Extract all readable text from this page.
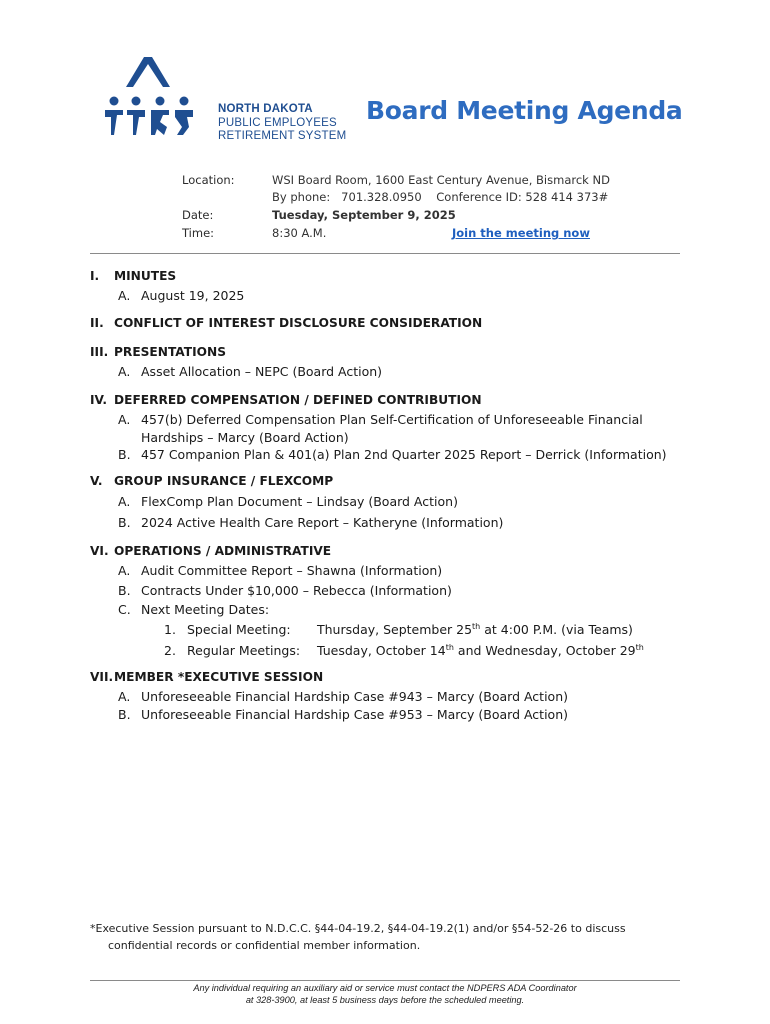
NORTH DAKOTA
PUBLIC EMPLOYEES
RETIREMENT SYSTEM
Board Meeting Agenda
Location:	WSI Board Room, 1600 East Century Avenue, Bismarck ND
By phone:   701.328.0950    Conference ID: 528 414 373#
Date:	Tuesday, September 9, 2025
Time:	8:30 A.M.	Join the meeting now
I. MINUTES
A. August 19, 2025
II. CONFLICT OF INTEREST DISCLOSURE CONSIDERATION
III. PRESENTATIONS
A. Asset Allocation – NEPC (Board Action)
IV. DEFERRED COMPENSATION / DEFINED CONTRIBUTION
A. 457(b) Deferred Compensation Plan Self-Certification of Unforeseeable Financial
Hardships – Marcy (Board Action)
B. 457 Companion Plan & 401(a) Plan 2nd Quarter 2025 Report – Derrick (Information)
V. GROUP INSURANCE / FLEXCOMP
A. FlexComp Plan Document – Lindsay (Board Action)
B. 2024 Active Health Care Report – Katheryne (Information)
VI. OPERATIONS / ADMINISTRATIVE
A. Audit Committee Report – Shawna (Information)
B. Contracts Under $10,000 – Rebecca (Information)
C. Next Meeting Dates:
1. Special Meeting: Thursday, September 25th at 4:00 P.M. (via Teams)
2. Regular Meetings: Tuesday, October 14th and Wednesday, October 29th
VII.MEMBER *EXECUTIVE SESSION
A. Unforeseeable Financial Hardship Case #943 – Marcy (Board Action)
B. Unforeseeable Financial Hardship Case #953 – Marcy (Board Action)
*Executive Session pursuant to N.D.C.C. §44-04-19.2, §44-04-19.2(1) and/or §54-52-26 to discuss
confidential records or confidential member information.
Any individual requiring an auxiliary aid or service must contact the NDPERS ADA Coordinator
at 328-3900, at least 5 business days before the scheduled meeting.
